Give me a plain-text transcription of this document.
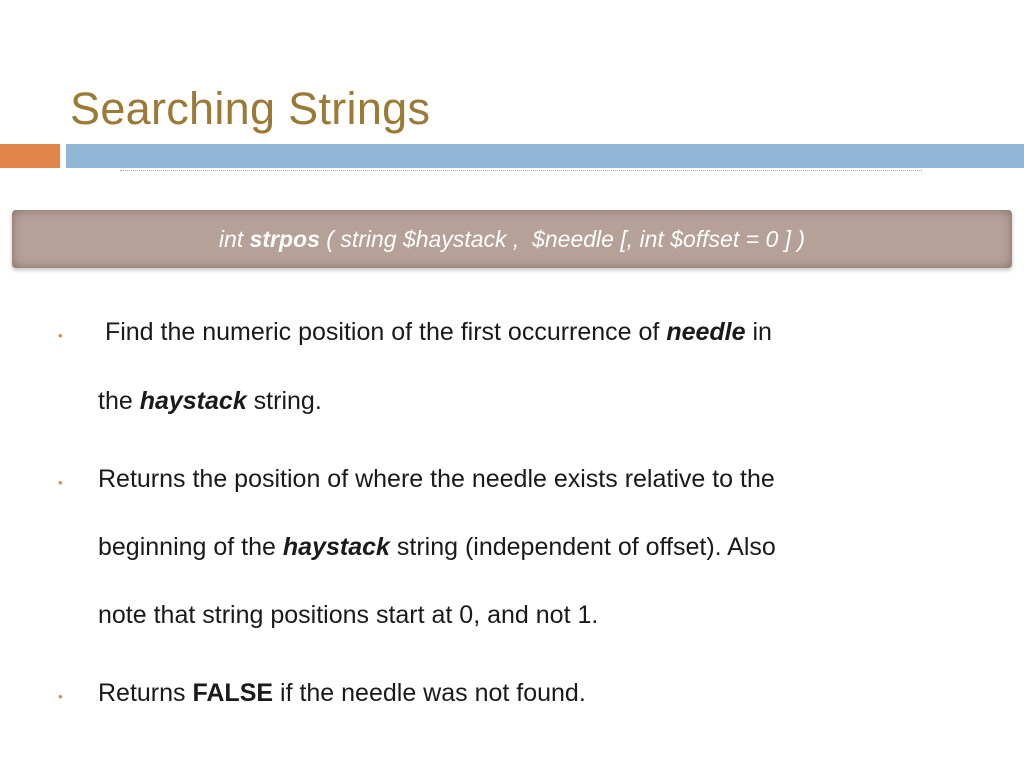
Searching Strings
int strpos ( string $haystack ,  $needle [, int $offset = 0 ] )
• Find the numeric position of the first occurrence of needle in
the haystack string.
• Returns the position of where the needle exists relative to the
beginning of the haystack string (independent of offset). Also
note that string positions start at 0, and not 1.
• Returns FALSE if the needle was not found.
